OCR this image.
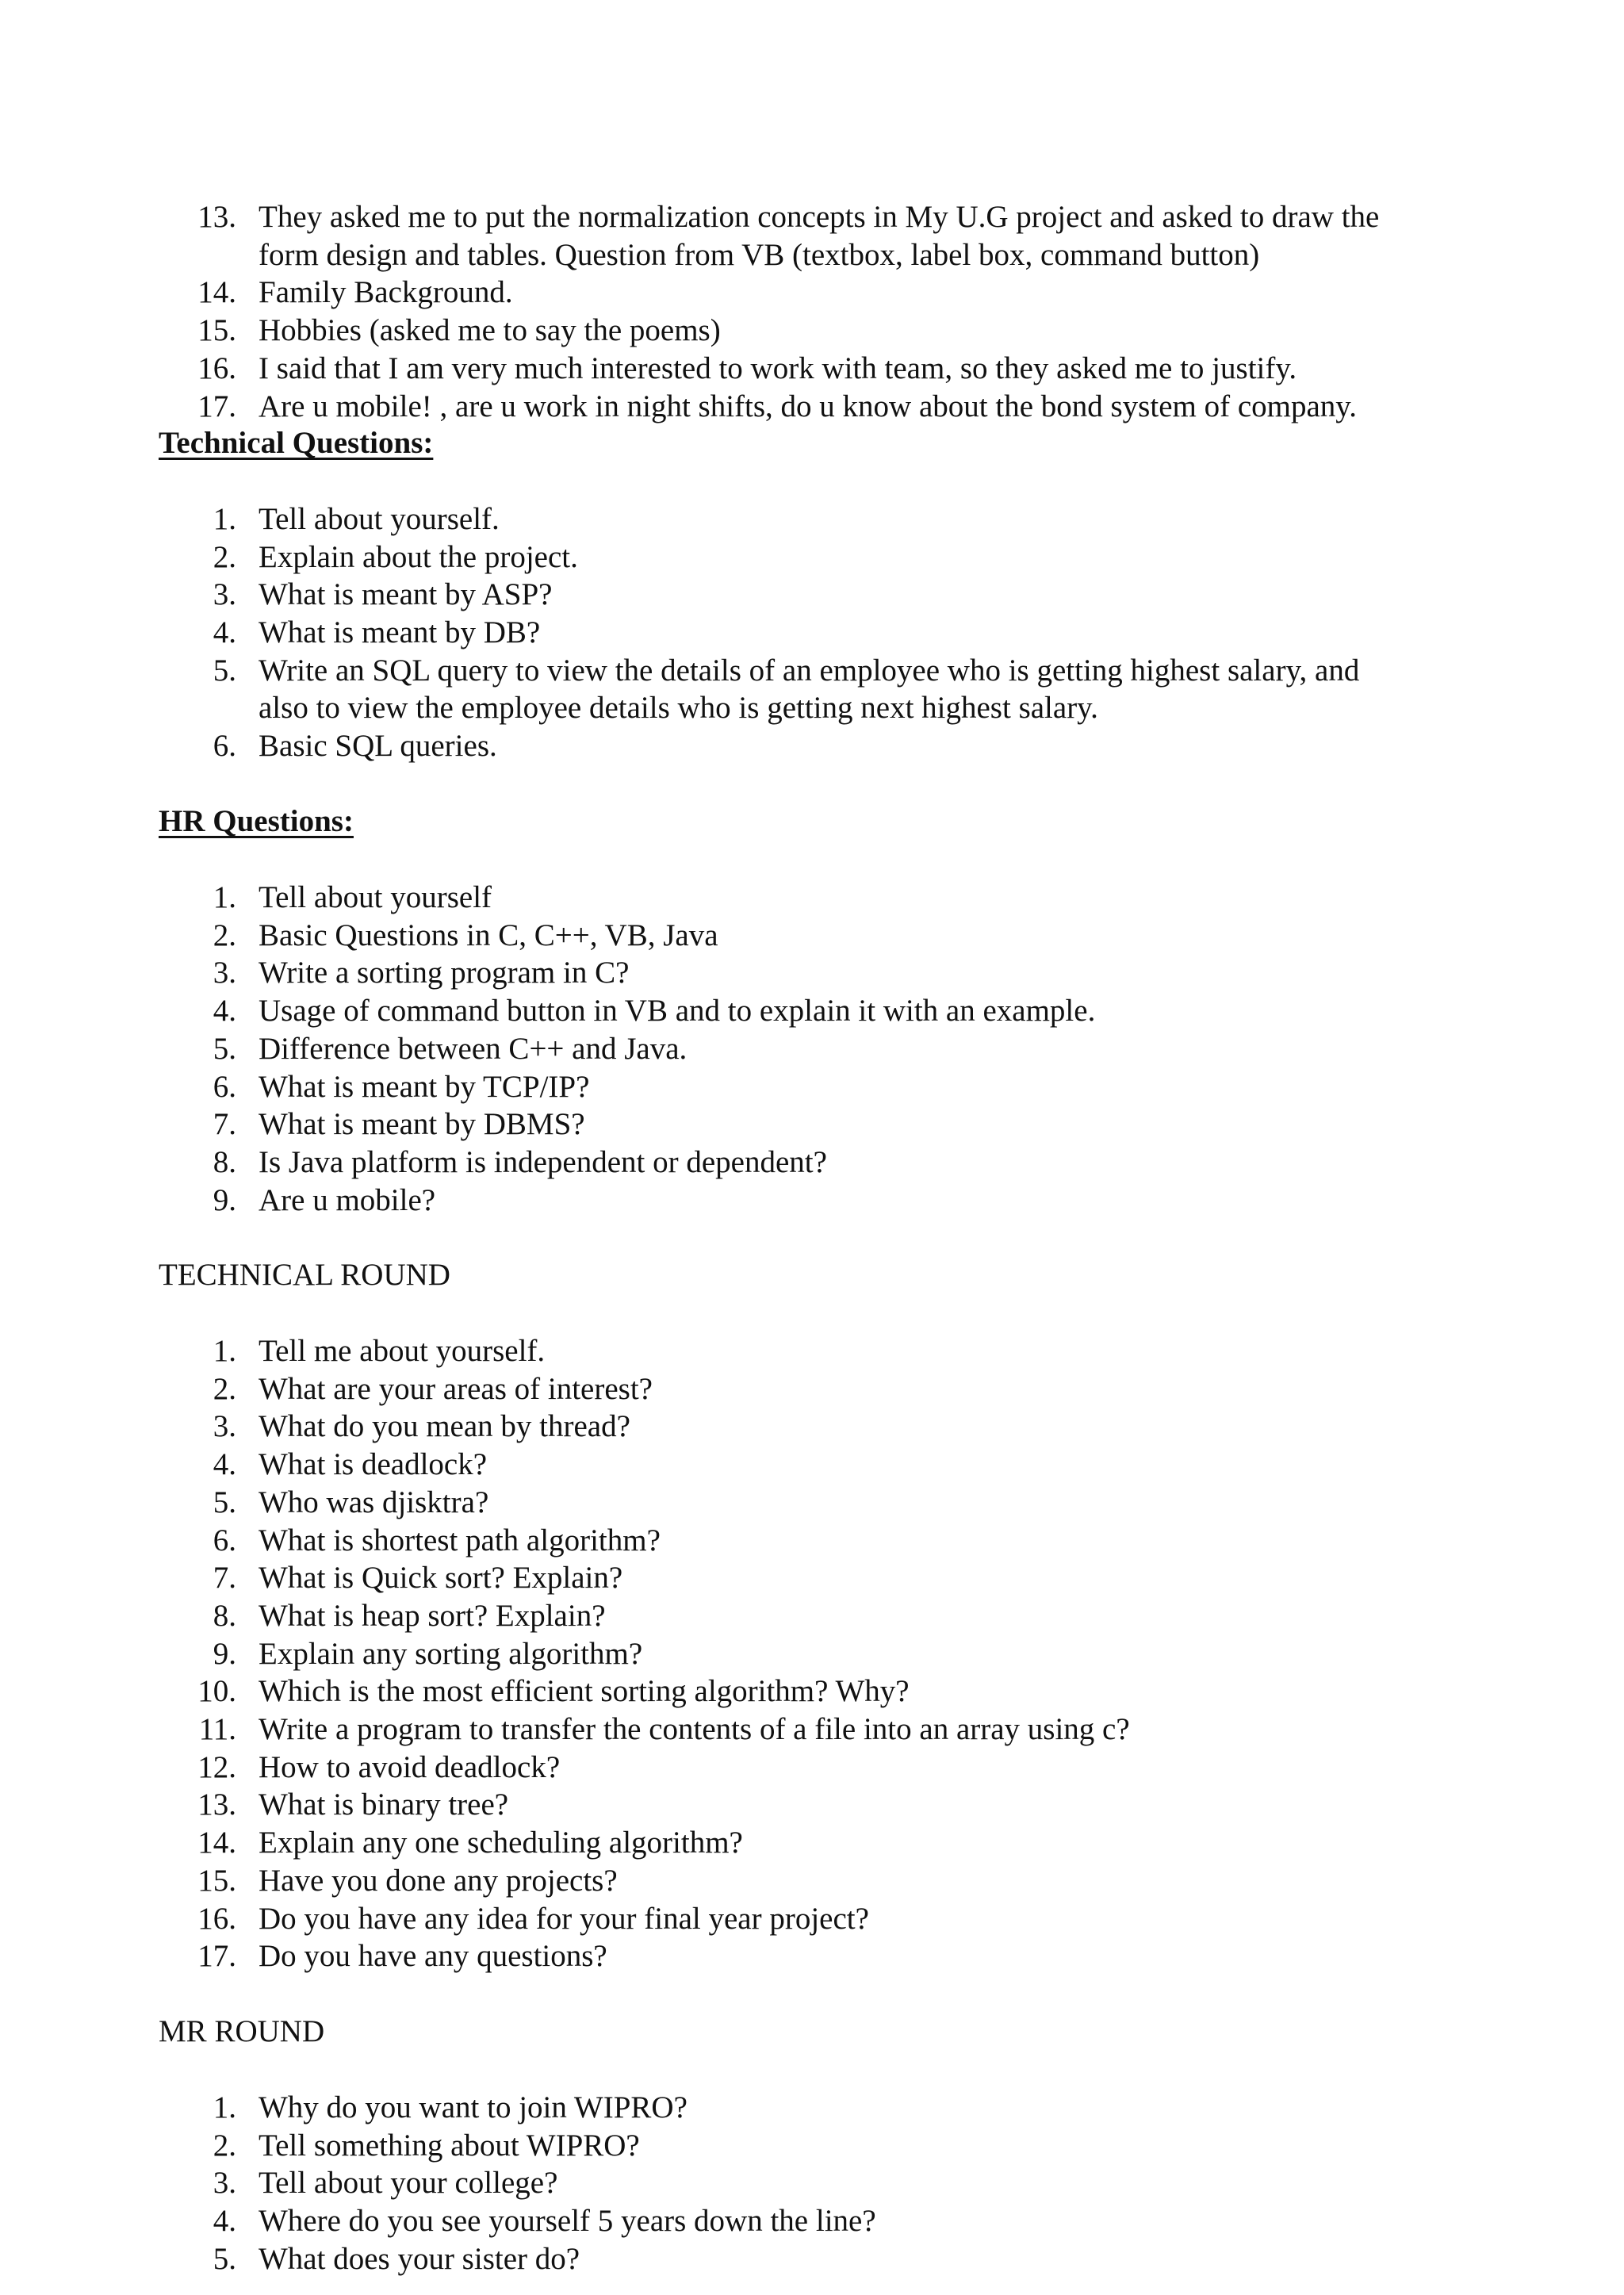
13. They asked me to put the normalization concepts in My U.G project and asked to draw the
form design and tables. Question from VB (textbox, label box, command button)
14. Family Background.
15. Hobbies (asked me to say the poems)
16. I said that I am very much interested to work with team, so they asked me to justify.
17. Are u mobile! , are u work in night shifts, do u know about the bond system of company.
Technical Questions:
1. Tell about yourself.
2. Explain about the project.
3. What is meant by ASP?
4. What is meant by DB?
5. Write an SQL query to view the details of an employee who is getting highest salary, and
also to view the employee details who is getting next highest salary.
6. Basic SQL queries.
HR Questions:
1. Tell about yourself
2. Basic Questions in C, C++, VB, Java
3. Write a sorting program in C?
4. Usage of command button in VB and to explain it with an example.
5. Difference between C++ and Java.
6. What is meant by TCP/IP?
7. What is meant by DBMS?
8. Is Java platform is independent or dependent?
9. Are u mobile?
TECHNICAL ROUND
1. Tell me about yourself.
2. What are your areas of interest?
3. What do you mean by thread?
4. What is deadlock?
5. Who was djisktra?
6. What is shortest path algorithm?
7. What is Quick sort? Explain?
8. What is heap sort? Explain?
9. Explain any sorting algorithm?
10. Which is the most efficient sorting algorithm? Why?
11. Write a program to transfer the contents of a file into an array using c?
12. How to avoid deadlock?
13. What is binary tree?
14. Explain any one scheduling algorithm?
15. Have you done any projects?
16. Do you have any idea for your final year project?
17. Do you have any questions?
MR ROUND
1. Why do you want to join WIPRO?
2. Tell something about WIPRO?
3. Tell about your college?
4. Where do you see yourself 5 years down the line?
5. What does your sister do?
